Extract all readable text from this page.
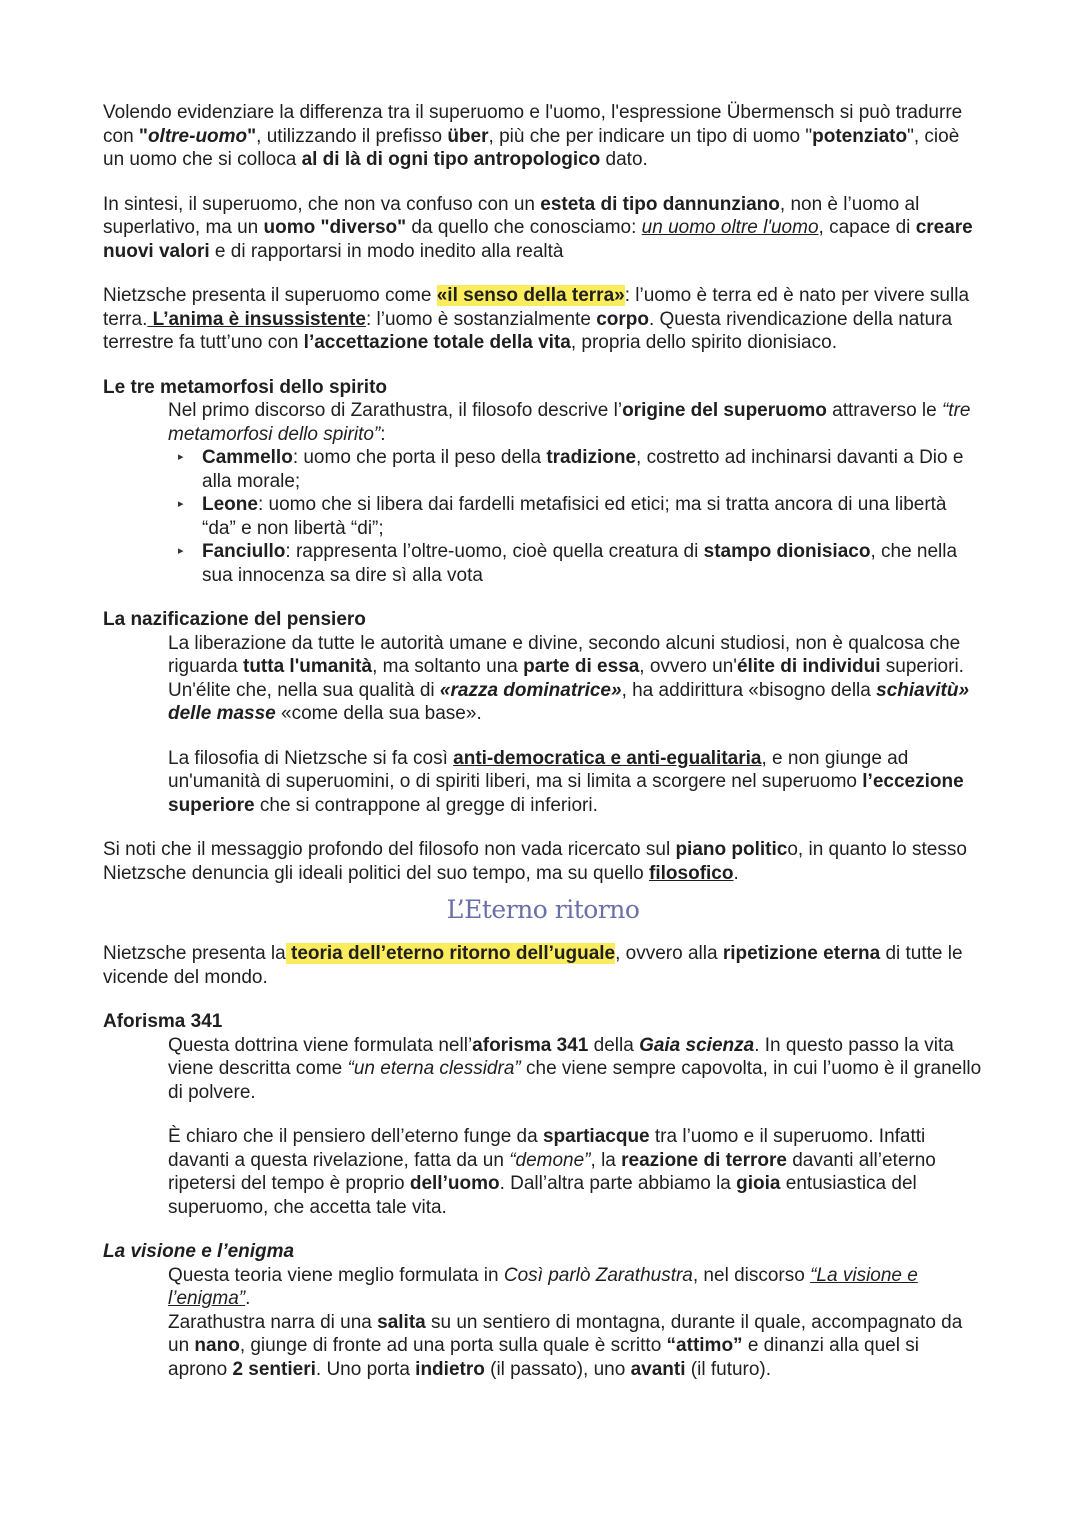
Volendo evidenziare la differenza tra il superuomo e l'uomo, l'espressione Übermensch si può tradurre con "oltre-uomo", utilizzando il prefisso über, più che per indicare un tipo di uomo "potenziato", cioè un uomo che si colloca al di là di ogni tipo antropologico dato.

In sintesi, il superuomo, che non va confuso con un esteta di tipo dannunziano, non è l’uomo al superlativo, ma un uomo "diverso" da quello che conosciamo: un uomo oltre l'uomo, capace di creare nuovi valori e di rapportarsi in modo inedito alla realtà

Nietzsche presenta il superuomo come «il senso della terra»: l’uomo è terra ed è nato per vivere sulla terra. L’anima è insussistente: l’uomo è sostanzialmente corpo. Questa rivendicazione della natura terrestre fa tutt’uno con l’accettazione totale della vita, propria dello spirito dionisiaco.

Le tre metamorfosi dello spirito

Nel primo discorso di Zarathustra, il filosofo descrive l’origine del superuomo attraverso le “tre metamorfosi dello spirito”:

▸ Cammello: uomo che porta il peso della tradizione, costretto ad inchinarsi davanti a Dio e alla morale;
▸ Leone: uomo che si libera dai fardelli metafisici ed etici; ma si tratta ancora di una libertà “da” e non libertà “di”;
▸ Fanciullo: rappresenta l’oltre-uomo, cioè quella creatura di stampo dionisiaco, che nella sua innocenza sa dire sì alla vota

La nazificazione del pensiero

La liberazione da tutte le autorità umane e divine, secondo alcuni studiosi, non è qualcosa che riguarda tutta l'umanità, ma soltanto una parte di essa, ovvero un'élite di individui superiori. Un'élite che, nella sua qualità di «razza dominatrice», ha addirittura «bisogno della schiavitù» delle masse «come della sua base».

La filosofia di Nietzsche si fa così anti-democratica e anti-egualitaria, e non giunge ad un'umanità di superuomini, o di spiriti liberi, ma si limita a scorgere nel superuomo l’eccezione superiore che si contrappone al gregge di inferiori.

Si noti che il messaggio profondo del filosofo non vada ricercato sul piano politico, in quanto lo stesso Nietzsche denuncia gli ideali politici del suo tempo, ma su quello filosofico.

L’Eterno ritorno

Nietzsche presenta la teoria dell’eterno ritorno dell’uguale, ovvero alla ripetizione eterna di tutte le vicende del mondo.

Aforisma 341

Questa dottrina viene formulata nell’aforisma 341 della Gaia scienza. In questo passo la vita viene descritta come “un eterna clessidra” che viene sempre capovolta, in cui l’uomo è il granello di polvere.

È chiaro che il pensiero dell’eterno funge da spartiacque tra l’uomo e il superuomo. Infatti davanti a questa rivelazione, fatta da un “demone”, la reazione di terrore davanti all’eterno ripetersi del tempo è proprio dell’uomo. Dall’altra parte abbiamo la gioia entusiastica del superuomo, che accetta tale vita.

La visione e l’enigma

Questa teoria viene meglio formulata in Così parlò Zarathustra, nel discorso “La visione e l’enigma”.

Zarathustra narra di una salita su un sentiero di montagna, durante il quale, accompagnato da un nano, giunge di fronte ad una porta sulla quale è scritto “attimo” e dinanzi alla quel si aprono 2 sentieri. Uno porta indietro (il passato), uno avanti (il futuro).
